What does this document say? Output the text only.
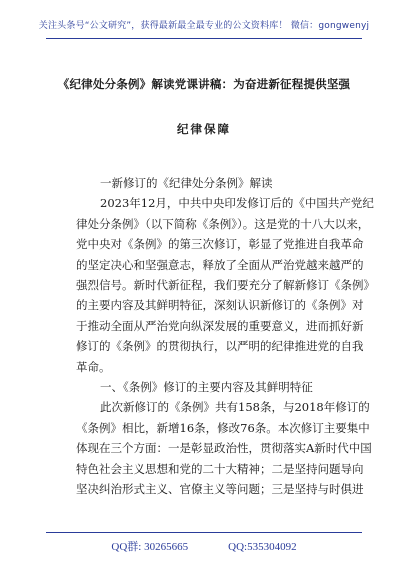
关注头条号“公文研究”，获得最新最全最专业的公文资料库！ 微信：gongwenyj
《纪律处分条例》解读党课讲稿：为奋进新征程提供坚强
纪律保障

一新修订的《纪律处分条例》解读

2023年12月，中共中央印发修订后的《中国共产党纪

律处分条例》（以下简称《条例》）。这是党的十八大以来，

党中央对《条例》的第三次修订，彰显了党推进自我革命

的坚定决心和坚强意志，释放了全面从严治党越来越严的

强烈信号。新时代新征程，我们要充分了解新修订《条例》

的主要内容及其鲜明特征，深刻认识新修订的《条例》对

于推动全面从严治党向纵深发展的重要意义，进而抓好新

修订的《条例》的贯彻执行，以严明的纪律推进党的自我

革命。

一、《条例》修订的主要内容及其鲜明特征

此次新修订的《条例》共有158条，与2018年修订的

《条例》相比，新增16条，修改76条。本次修订主要集中

体现在三个方面：一是彰显政治性，贯彻落实A新时代中国

特色社会主义思想和党的二十大精神；二是坚持问题导向

坚决纠治形式主义、官僚主义等问题；三是坚持与时俱进

QQ群: 30265665	QQ:535304092
